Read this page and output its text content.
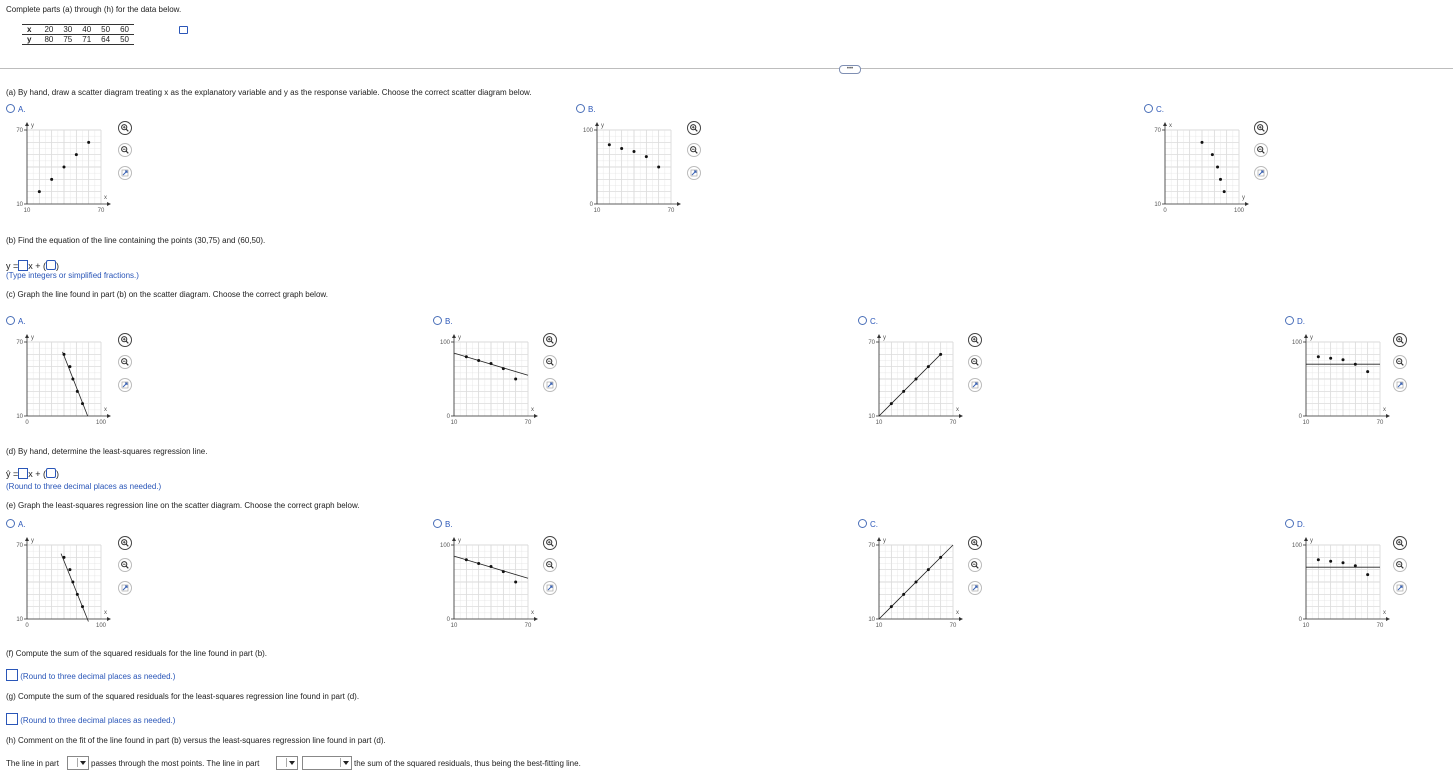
Complete parts (a) through (h) for the data below.
x	20	30	40	50	60
y	80	75	71	64	50
•••
(a) By hand, draw a scatter diagram treating x as the explanatory variable and y as the response variable. Choose the correct scatter diagram below.
(b) Find the equation of the line containing the points (30,75) and (60,50).
y = x + ( )
(Type integers or simplified fractions.)
(c) Graph the line found in part (b) on the scatter diagram. Choose the correct graph below.
(d) By hand, determine the least-squares regression line.
ŷ = x + ( )
(Round to three decimal places as needed.)
(e) Graph the least-squares regression line on the scatter diagram. Choose the correct graph below.
(f) Compute the sum of the squared residuals for the line found in part (b).
(Round to three decimal places as needed.)
(g) Compute the sum of the squared residuals for the least-squares regression line found in part (d).
(Round to three decimal places as needed.)
(h) Comment on the fit of the line found in part (b) versus the least-squares regression line found in part (d).
The line in part	passes through the most points. The line in part	the sum of the squared residuals, thus being the best-fitting line.
A.
70
10
10	70
y
x
B.
100
0
10	70
y
C.
70
10
0	100
x
y
A.
70
10
0	100
y
x
B.
100
0
10	70
y
x
C.
70
10
10	70
y
x
D.
100
0
10	70
y
x
A.
70
10
0	100
y
x
B.
100
0
10	70
y
x
C.
70
10
10	70
y
x
D.
100
0
10	70
y
x
